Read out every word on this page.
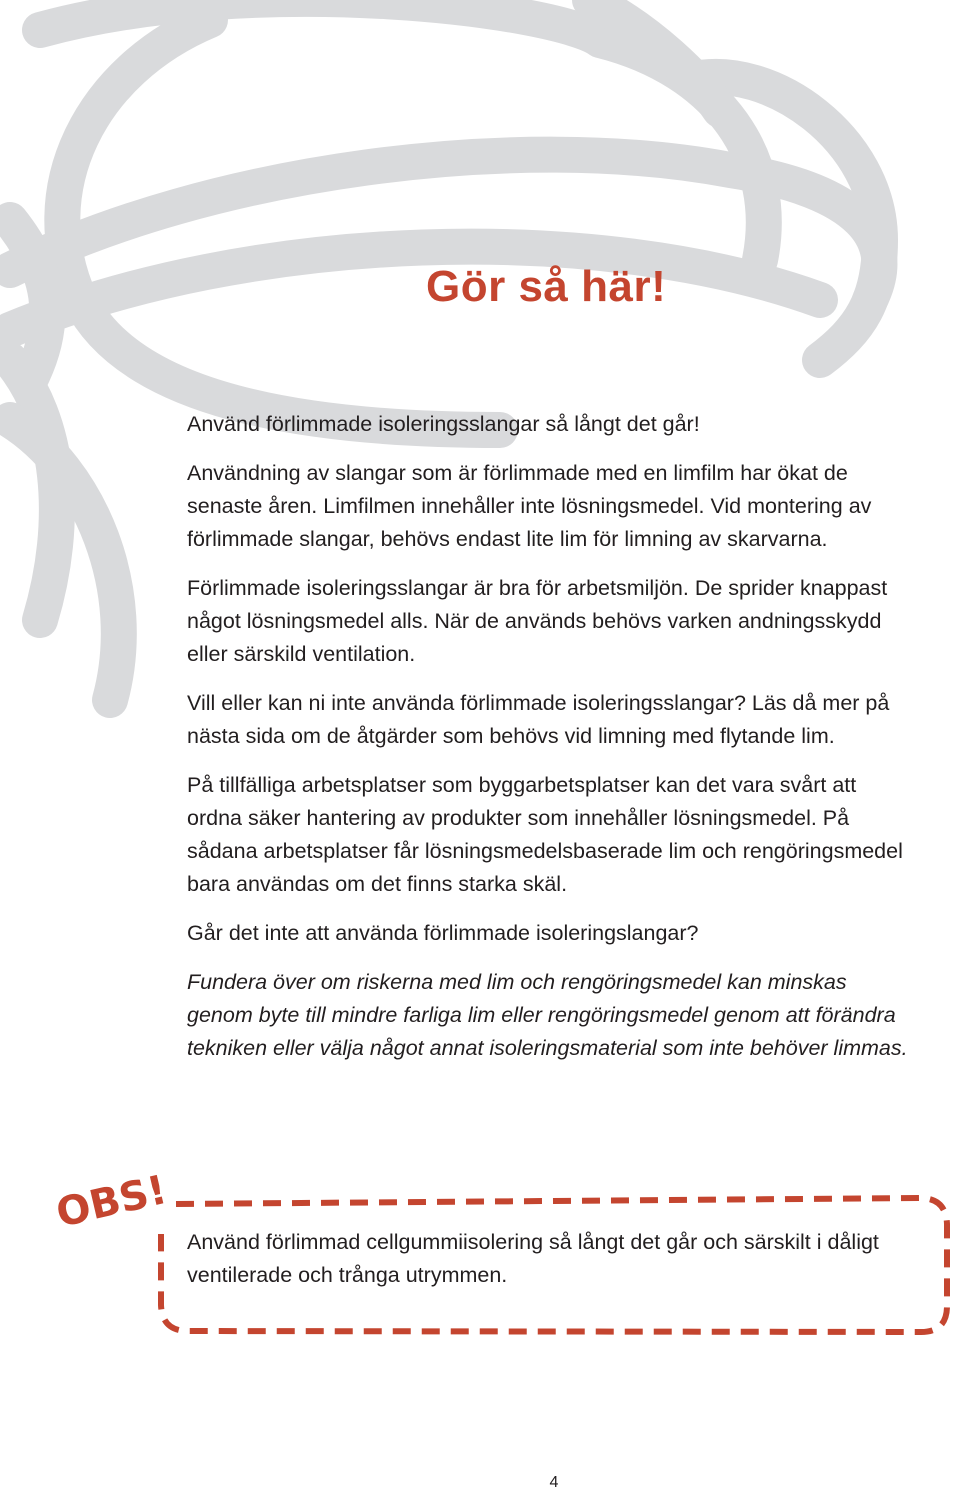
Gör så här!

Använd förlimmade isoleringsslangar så långt det går!

Användning av slangar som är förlimmade med en limfilm har ökat de senaste åren. Limfilmen innehåller inte lösningsmedel. Vid montering av förlimmade slangar, behövs endast lite lim för limning av skarvarna.

Förlimmade isoleringsslangar är bra för arbetsmiljön. De sprider knappast något lösningsmedel alls. När de används behövs varken andningsskydd eller särskild ventilation.

Vill eller kan ni inte använda förlimmade isoleringsslangar? Läs då mer på nästa sida om de åtgärder som behövs vid limning med flytande lim.

På tillfälliga arbetsplatser som byggarbetsplatser kan det vara svårt att ordna säker hantering av produkter som innehåller lösningsmedel. På sådana arbetsplatser får lösningsmedelsbaserade lim och rengöringsmedel bara användas om det finns starka skäl.

Går det inte att använda förlimmade isoleringslangar?

Fundera över om riskerna med lim och rengöringsmedel kan minskas genom byte till mindre farliga lim eller rengöringsmedel genom att förändra tekniken eller välja något annat isoleringsmaterial som inte behöver limmas.

OBS!

Använd förlimmad cellgummiisolering så långt det går och särskilt i dåligt ventilerade och trånga utrymmen.

4
